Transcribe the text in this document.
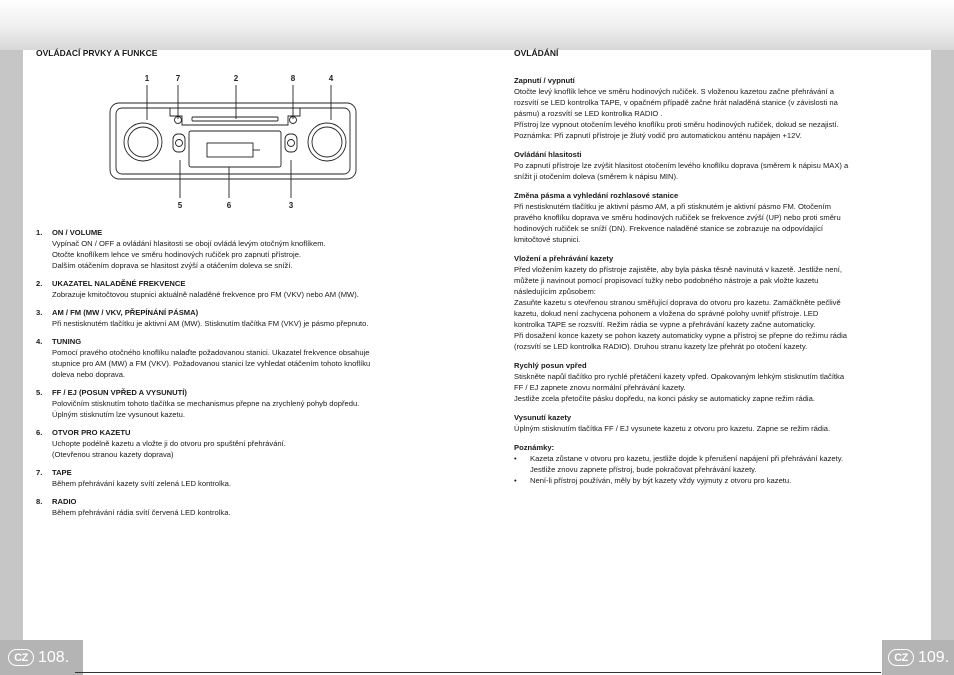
CZ 108.	CZ 109.
OVLÁDACÍ PRVKY A FUNKCE
1	7	2	8	4
5	6	3
1.	ON / VOLUME
Vypínač ON / OFF a ovládání hlasitosti se obojí ovládá levým otočným knoflíkem.
Otočte knoflíkem lehce ve směru hodinových ručiček pro zapnutí přístroje.
Dalším otáčením doprava se hlasitost zvýší a otáčením doleva se sníží.
2.	UKAZATEL NALADĚNÉ FREKVENCE
Zobrazuje kmitočtovou stupnici aktuálně naladěné frekvence pro FM (VKV) nebo AM (MW).
3.	AM / FM (MW / VKV, PŘEPÍNÁNÍ PÁSMA)
Při nestisknutém tlačítku je aktivní AM (MW). Stisknutím tlačítka FM (VKV) je pásmo přepnuto.
4.	TUNING
Pomocí pravého otočného knoflíku nalaďte požadovanou stanici. Ukazatel frekvence obsahuje
stupnice pro AM (MW) a FM (VKV). Požadovanou stanici lze vyhledat otáčením tohoto knoflíku
doleva nebo doprava.
5.	FF / EJ (POSUN VPŘED A VYSUNUTÍ)
Polovičním stisknutím tohoto tlačítka se mechanismus přepne na zrychlený pohyb dopředu.
Úplným stisknutím lze vysunout kazetu.
6.	OTVOR PRO KAZETU
Uchopte podélně kazetu a vložte ji do otvoru pro spuštění přehrávání.
(Otevřenou stranou kazety doprava)
7.	TAPE
Během přehrávání kazety svítí zelená LED kontrolka.
8.	RADIO
Během přehrávání rádia svítí červená LED kontrolka.
OVLÁDÁNÍ
Zapnutí / vypnutí
Otočte levý knoflík lehce ve směru hodinových ručiček. S vloženou kazetou začne přehrávání a
rozsvítí se LED kontrolka TAPE, v opačném případě začne hrát naladěná stanice (v závislosti na
pásmu) a rozsvítí se LED kontrolka RADIO .
Přístroj lze vypnout otočením levého knoflíku proti směru hodinových ručiček, dokud se nezajistí.
Poznámka: Při zapnutí přístroje je žlutý vodič pro automatickou anténu napájen +12V.
Ovládání hlasitosti
Po zapnutí přístroje lze zvýšit hlasitost otočením levého knoflíku doprava (směrem k nápisu MAX) a
snížit ji otočením doleva (směrem k nápisu MIN).
Změna pásma a vyhledání rozhlasové stanice
Při nestisknutém tlačítku je aktivní pásmo AM, a při stisknutém je aktivní pásmo FM. Otočením
pravého knoflíku doprava ve směru hodinových ručiček se frekvence zvýší (UP) nebo proti směru
hodinových ručiček se sníží (DN). Frekvence naladěné stanice se zobrazuje na odpovídající
kmitočtové stupnici.
Vložení a přehrávání kazety
Před vložením kazety do přístroje zajistěte, aby byla páska těsně navinutá v kazetě. Jestliže není,
můžete ji navinout pomocí propisovací tužky nebo podobného nástroje a pak vložte kazetu
následujícím způsobem:
Zasuňte kazetu s otevřenou stranou směřující doprava do otvoru pro kazetu. Zamáčkněte pečlivě
kazetu, dokud není zachycena pohonem a vložena do správné polohy uvnitř přístroje. LED
kontrolka TAPE se rozsvítí. Režim rádia se vypne a přehrávání kazety začne automaticky.
Při dosažení konce kazety se pohon kazety automaticky vypne a přístroj se přepne do režimu rádia
(rozsvítí se LED kontrolka RADIO). Druhou stranu kazety lze přehrát po otočení kazety.
Rychlý posun vpřed
Stiskněte napůl tlačítko pro rychlé přetáčení kazety vpřed. Opakovaným lehkým stisknutím tlačítka
FF / EJ zapnete znovu normální přehrávání kazety.
Jestliže zcela přetočíte pásku dopředu, na konci pásky se automaticky zapne režim rádia.
Vysunutí kazety
Úplným stisknutím tlačítka FF / EJ vysunete kazetu z otvoru pro kazetu. Zapne se režim rádia.
Poznámky:
•	Kazeta zůstane v otvoru pro kazetu, jestliže dojde k přerušení napájení při přehrávání kazety.
Jestliže znovu zapnete přístroj, bude pokračovat přehrávání kazety.
•	Není-li přístroj používán, měly by být kazety vždy vyjmuty z otvoru pro kazetu.
